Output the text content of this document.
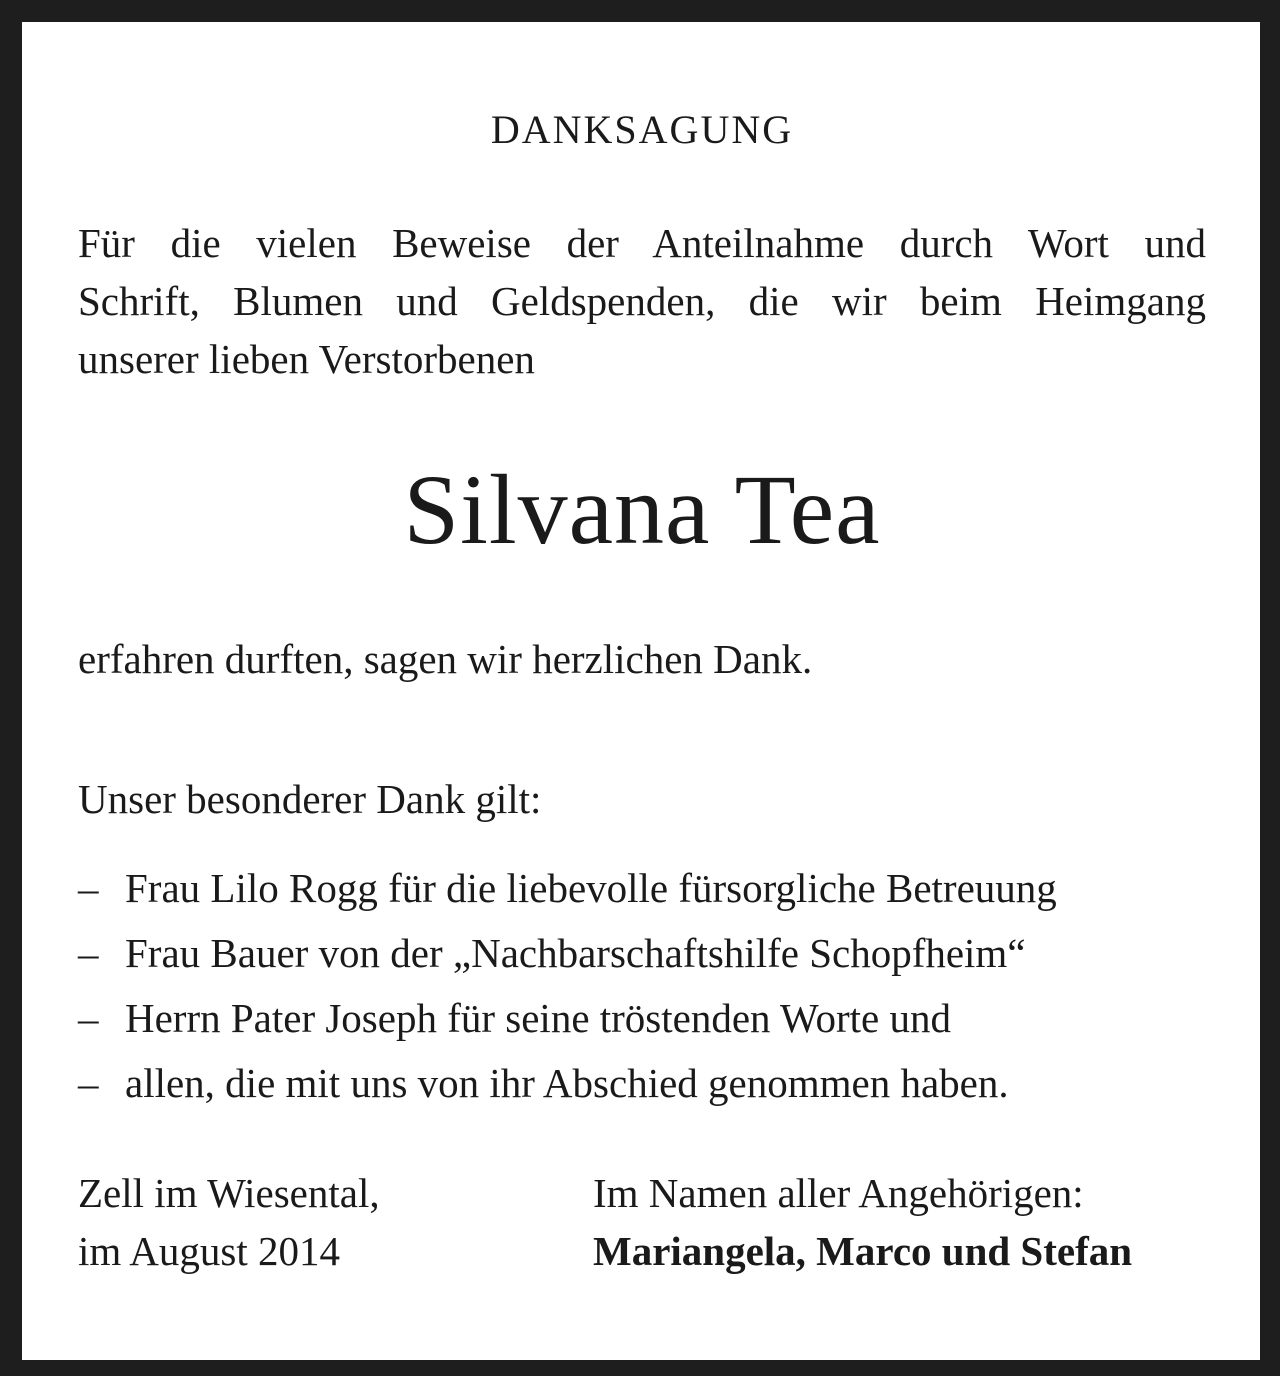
DANKSAGUNG
Für die vielen Beweise der Anteilnahme durch Wort und
Schrift, Blumen und Geldspenden, die wir beim Heimgang
unserer lieben Verstorbenen
Silvana Tea
erfahren durften, sagen wir herzlichen Dank.
Unser besonderer Dank gilt:
– Frau Lilo Rogg für die liebevolle fürsorgliche Betreuung
– Frau Bauer von der „Nachbarschaftshilfe Schopfheim“
– Herrn Pater Joseph für seine tröstenden Worte und
– allen, die mit uns von ihr Abschied genommen haben.
Zell im Wiesental,
im August 2014
Im Namen aller Angehörigen:
Mariangela, Marco und Stefan
